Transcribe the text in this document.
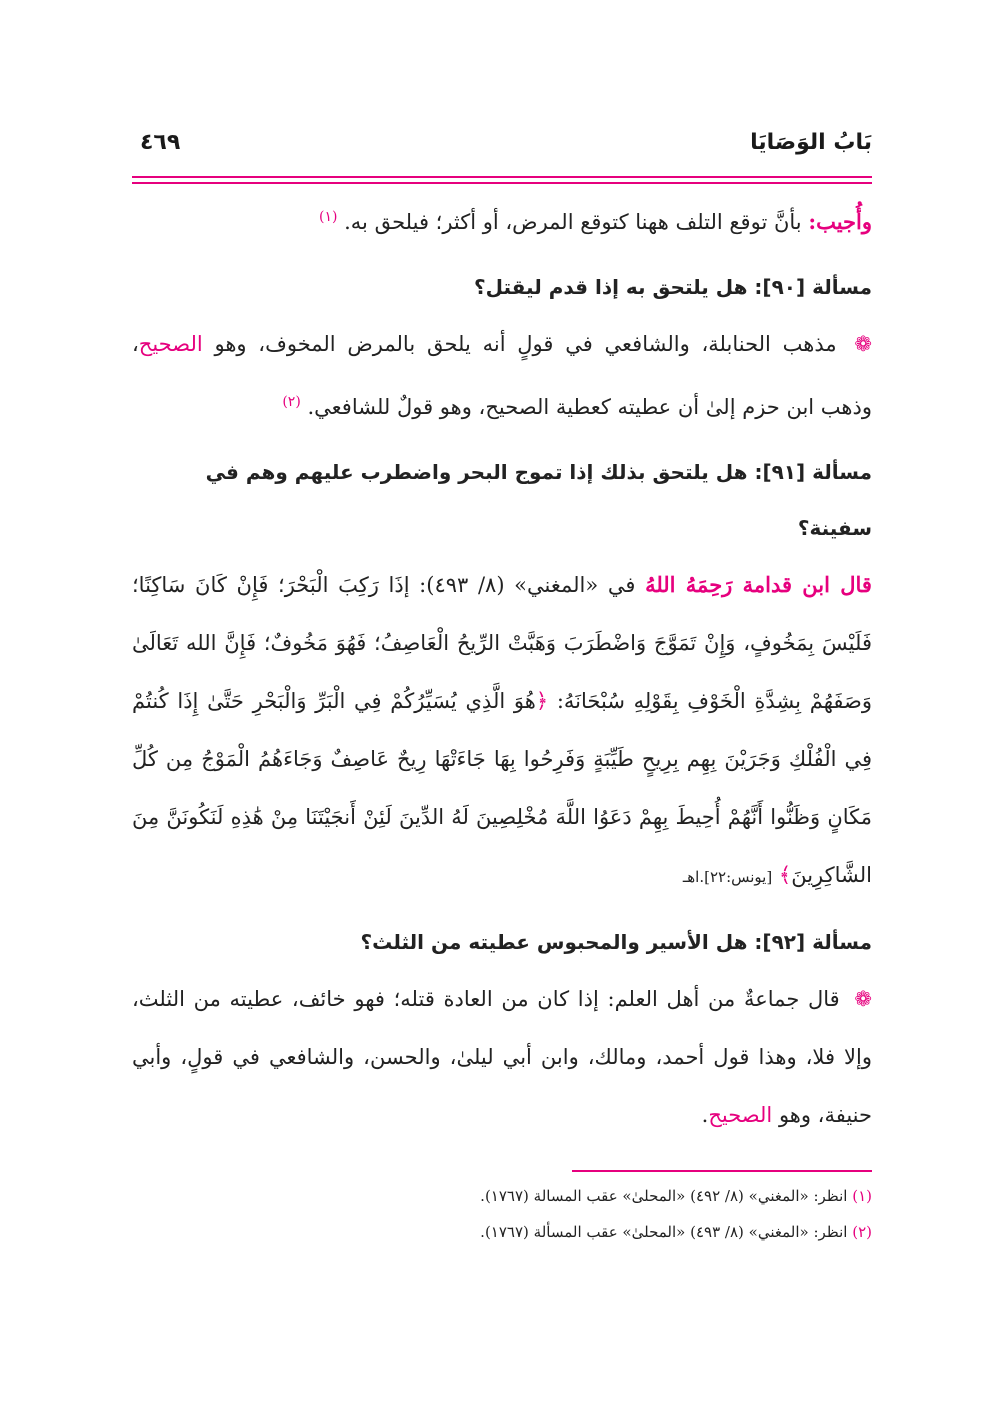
بَابُ الوَصَايَا
٤٦٩
وأُجيب: بأنَّ توقع التلف ههنا كتوقع المرض، أو أكثر؛ فيلحق به. $^{(١)}$
مسألة [٩٠]: هل يلتحق به إذا قدم ليقتل؟
❁ مذهب الحنابلة، والشافعي في قولٍ أنه يلحق بالمرض المخوف، وهو الصحيح، وذهب ابن حزم إلىٰ أن عطيته كعطية الصحيح، وهو قولٌ للشافعي. $^{(٢)}$
مسألة [٩١]: هل يلتحق بذلك إذا تموج البحر واضطرب عليهم وهم في سفينة؟
قال ابن قدامة رَحِمَهُ اللهُ في «المغني» (٨/ ٤٩٣): إذَا رَكِبَ الْبَحْرَ؛ فَإِنْ كَانَ سَاكِنًا؛ فَلَيْسَ بِمَخُوفٍ، وَإِنْ تَمَوَّجَ وَاضْطَرَبَ وَهَبَّتْ الرِّيحُ الْعَاصِفُ؛ فَهُوَ مَخُوفٌ؛ فَإِنَّ الله تَعَالَىٰ وَصَفَهُمْ بِشِدَّةِ الْخَوْفِ بِقَوْلِهِ سُبْحَانَهُ: ﴿هُوَ الَّذِي يُسَيِّرُكُمْ فِي الْبَرِّ وَالْبَحْرِ حَتَّىٰ إِذَا كُنتُمْ فِي الْفُلْكِ وَجَرَيْنَ بِهِم بِرِيحٍ طَيِّبَةٍ وَفَرِحُوا بِهَا جَاءَتْهَا رِيحٌ عَاصِفٌ وَجَاءَهُمُ الْمَوْجُ مِن كُلِّ مَكَانٍ وَظَنُّوا أَنَّهُمْ أُحِيطَ بِهِمْ دَعَوُا اللَّهَ مُخْلِصِينَ لَهُ الدِّينَ لَئِنْ أَنجَيْتَنَا مِنْ هَٰذِهِ لَنَكُونَنَّ مِنَ الشَّاكِرِينَ﴾ [يونس:٢٢].اهـ
مسألة [٩٢]: هل الأسير والمحبوس عطيته من الثلث؟
❁ قال جماعةٌ من أهل العلم: إذا كان من العادة قتله؛ فهو خائف، عطيته من الثلث، وإلا فلا، وهذا قول أحمد، ومالك، وابن أبي ليلىٰ، والحسن، والشافعي في قولٍ، وأبي حنيفة، وهو الصحيح.
(١) انظر: «المغني» (٨/ ٤٩٢) «المحلىٰ» عقب المسالة (١٧٦٧).
(٢) انظر: «المغني» (٨/ ٤٩٣) «المحلىٰ» عقب المسألة (١٧٦٧).
